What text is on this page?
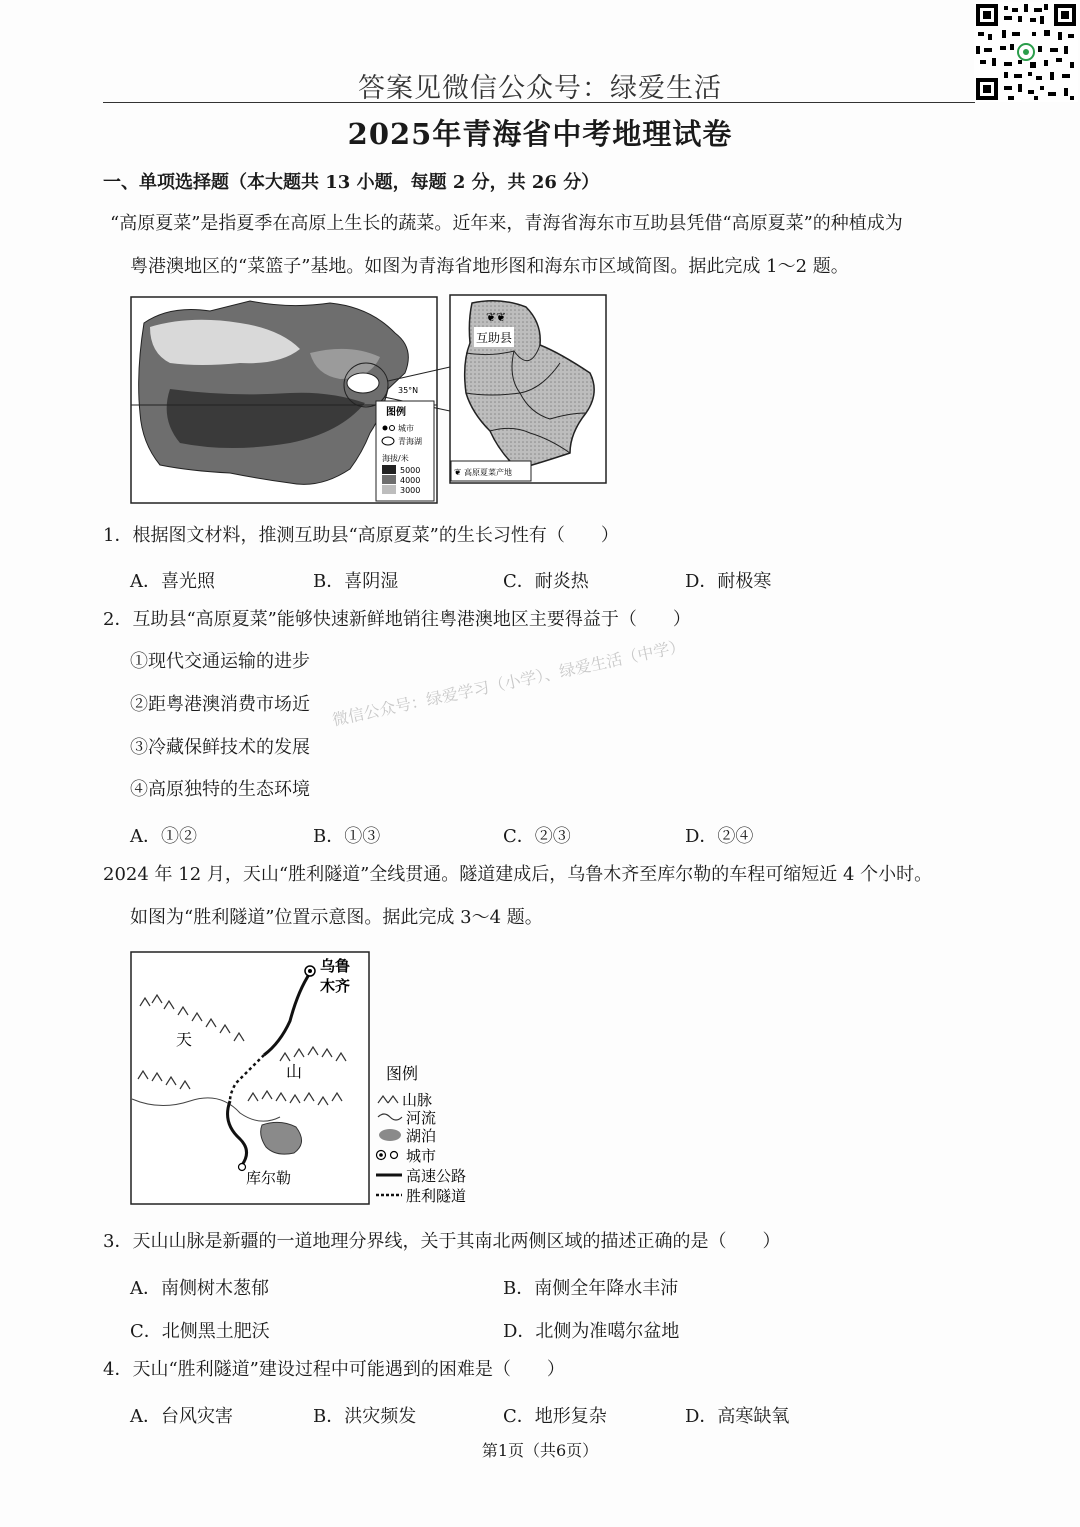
答案见微信公众号：绿爱生活
2025年青海省中考地理试卷
一、单项选择题（本大题共 13 小题，每题 2 分，共 26 分）
“高原夏菜”是指夏季在高原上生长的蔬菜。近年来，青海省海东市互助县凭借“高原夏菜”的种植成为
粤港澳地区的“菜篮子”基地。如图为青海省地形图和海东市区域简图。据此完成 1～2 题。
35°N
图例
城市
青海湖
海拔/米
5000
4000
3000
互助县
❦❦
❦ 高原夏菜产地
1．根据图文材料，推测互助县“高原夏菜”的生长习性有（　　）
A．喜光照	B．喜阴湿	C．耐炎热	D．耐极寒
2．互助县“高原夏菜”能够快速新鲜地销往粤港澳地区主要得益于（　　）
①现代交通运输的进步
②距粤港澳消费市场近
③冷藏保鲜技术的发展
④高原独特的生态环境
A．①②	B．①③	C．②③	D．②④
微信公众号：绿爱学习（小学）、绿爱生活（中学）
2024 年 12 月，天山“胜利隧道”全线贯通。隧道建成后，乌鲁木齐至库尔勒的车程可缩短近 4 个小时。
如图为“胜利隧道”位置示意图。据此完成 3～4 题。
乌鲁
木齐
天
山
库尔勒
图例
山脉
河流
湖泊
城市
高速公路
胜利隧道
3．天山山脉是新疆的一道地理分界线，关于其南北两侧区域的描述正确的是（　　）
A．南侧树木葱郁	B．南侧全年降水丰沛
C．北侧黑土肥沃	D．北侧为准噶尔盆地
4．天山“胜利隧道”建设过程中可能遇到的困难是（　　）
A．台风灾害	B．洪灾频发	C．地形复杂	D．高寒缺氧
第1页（共6页）
